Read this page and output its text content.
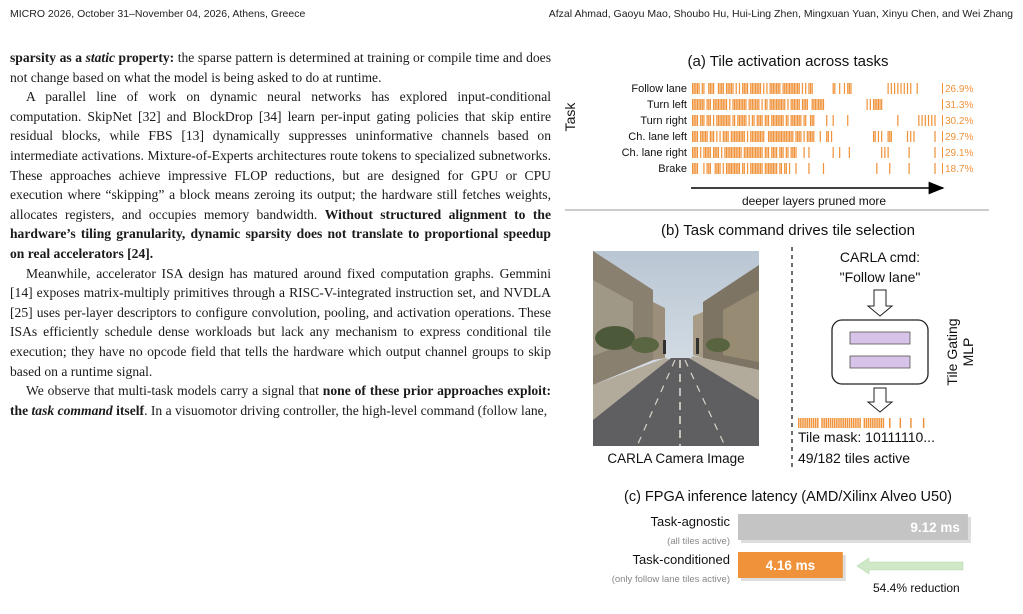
MICRO 2026, October 31–November 04, 2026, Athens, Greece	Afzal Ahmad, Gaoyu Mao, Shoubo Hu, Hui-Ling Zhen, Mingxuan Yuan, Xinyu Chen, and Wei Zhang

sparsity as a static property: the sparse pattern is determined at training or compile time and does not change based on what the model is being asked to do at runtime.

A parallel line of work on dynamic neural networks has explored input-conditional computation. SkipNet [32] and BlockDrop [34] learn per-input gating policies that skip entire residual blocks, while FBS [13] dynamically suppresses uninformative channels based on intermediate activations. Mixture-of-Experts architectures route tokens to specialized subnetworks. These approaches achieve impressive FLOP reductions, but are designed for GPU or CPU execution where “skipping” a block means zeroing its output; the hardware still fetches weights, allocates registers, and occupies memory bandwidth. Without structured alignment to the hardware’s tiling granularity, dynamic sparsity does not translate to proportional speedup on real accelerators [24].

Meanwhile, accelerator ISA design has matured around fixed computation graphs. Gemmini [14] exposes matrix-multiply primitives through a RISC-V-integrated instruction set, and NVDLA [25] uses per-layer descriptors to configure convolution, pooling, and activation operations. These ISAs efficiently schedule dense workloads but lack any mechanism to express conditional tile execution; they have no opcode field that tells the hardware which output channel groups to skip based on a runtime signal.

We observe that multi-task models carry a signal that none of these prior approaches exploit: the task command itself. In a visuomotor driving controller, the high-level command (follow lane,

(a) Tile activation across tasks
Task
Follow lane	26.9%
Turn left	31.3%
Turn right	30.2%
Ch. lane left	29.7%
Ch. lane right	29.1%
Brake	18.7%
deeper layers pruned more
(b) Task command drives tile selection
CARLA Camera Image
CARLA cmd:
"Follow lane"
Tile Gating MLP
Tile mask: 10111110...
49/182 tiles active
(c) FPGA inference latency (AMD/Xilinx Alveo U50)
Task-agnostic
(all tiles active)
9.12 ms
Task-conditioned
(only follow lane tiles active)
4.16 ms
54.4% reduction
